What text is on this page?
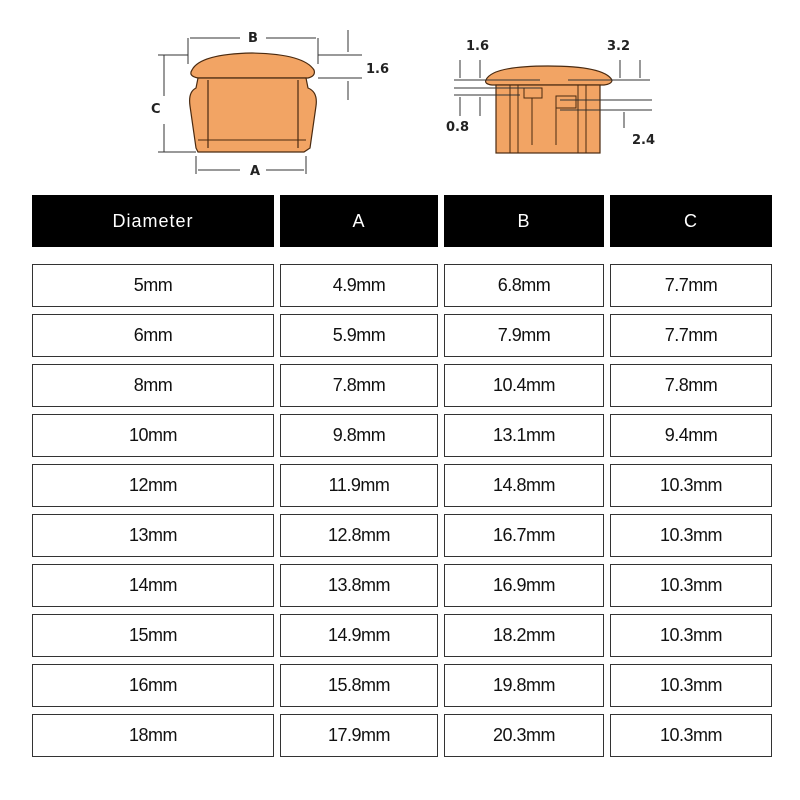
B
C
A
1.6
1.6	3.2
0.8
2.4
Diameter	A	B	C
5mm	4.9mm	6.8mm	7.7mm
6mm	5.9mm	7.9mm	7.7mm
8mm	7.8mm	10.4mm	7.8mm
10mm	9.8mm	13.1mm	9.4mm
12mm	11.9mm	14.8mm	10.3mm
13mm	12.8mm	16.7mm	10.3mm
14mm	13.8mm	16.9mm	10.3mm
15mm	14.9mm	18.2mm	10.3mm
16mm	15.8mm	19.8mm	10.3mm
18mm	17.9mm	20.3mm	10.3mm
